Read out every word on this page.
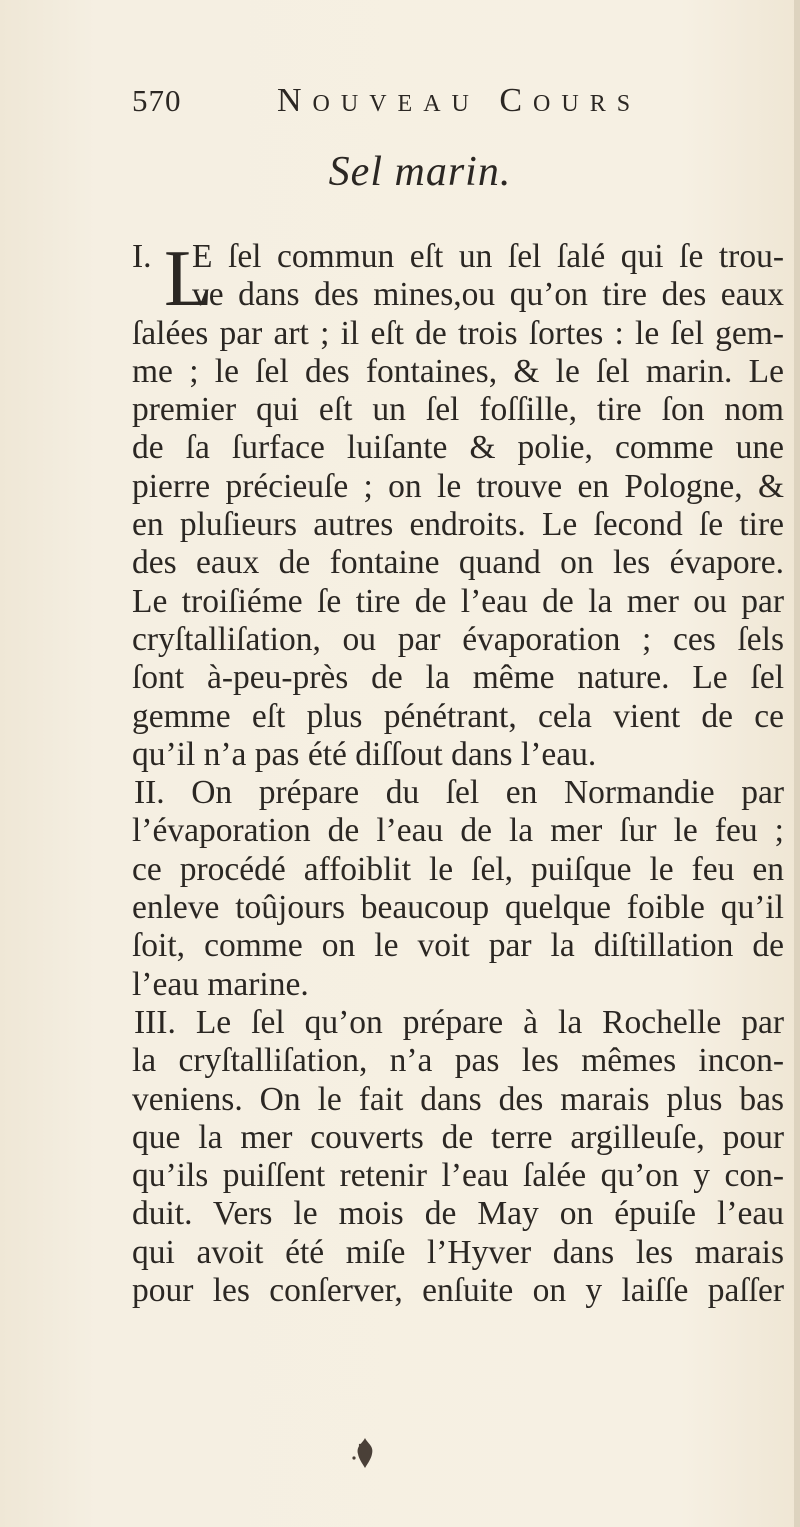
570	Nouveau Cours
Sel marin.
I. L
E ſel commun eſt un ſel ſalé qui ſe trou-
ve dans des mines,ou qu’on tire des eaux
ſalées par art ; il eſt de trois ſortes : le ſel gem-
me ; le ſel des fontaines, & le ſel marin. Le
premier qui eſt un ſel foſſille, tire ſon nom
de ſa ſurface luiſante & polie, comme une
pierre précieuſe ; on le trouve en Pologne, &
en pluſieurs autres endroits. Le ſecond ſe tire
des eaux de fontaine quand on les évapore.
Le troiſiéme ſe tire de l’eau de la mer ou par
cryſtalliſation, ou par évaporation ; ces ſels
ſont à-peu-près de la même nature. Le ſel
gemme eſt plus pénétrant, cela vient de ce
qu’il n’a pas été diſſout dans l’eau.
II. On prépare du ſel en Normandie par
l’évaporation de l’eau de la mer ſur le feu ;
ce procédé affoiblit le ſel, puiſque le feu en
enleve toûjours beaucoup quelque foible qu’il
ſoit, comme on le voit par la diſtillation de
l’eau marine.
III. Le ſel qu’on prépare à la Rochelle par
la cryſtalliſation, n’a pas les mêmes incon-
veniens. On le fait dans des marais plus bas
que la mer couverts de terre argilleuſe, pour
qu’ils puiſſent retenir l’eau ſalée qu’on y con-
duit. Vers le mois de May on épuiſe l’eau
qui avoit été miſe l’Hyver dans les marais
pour les conſerver, enſuite on y laiſſe paſſer
